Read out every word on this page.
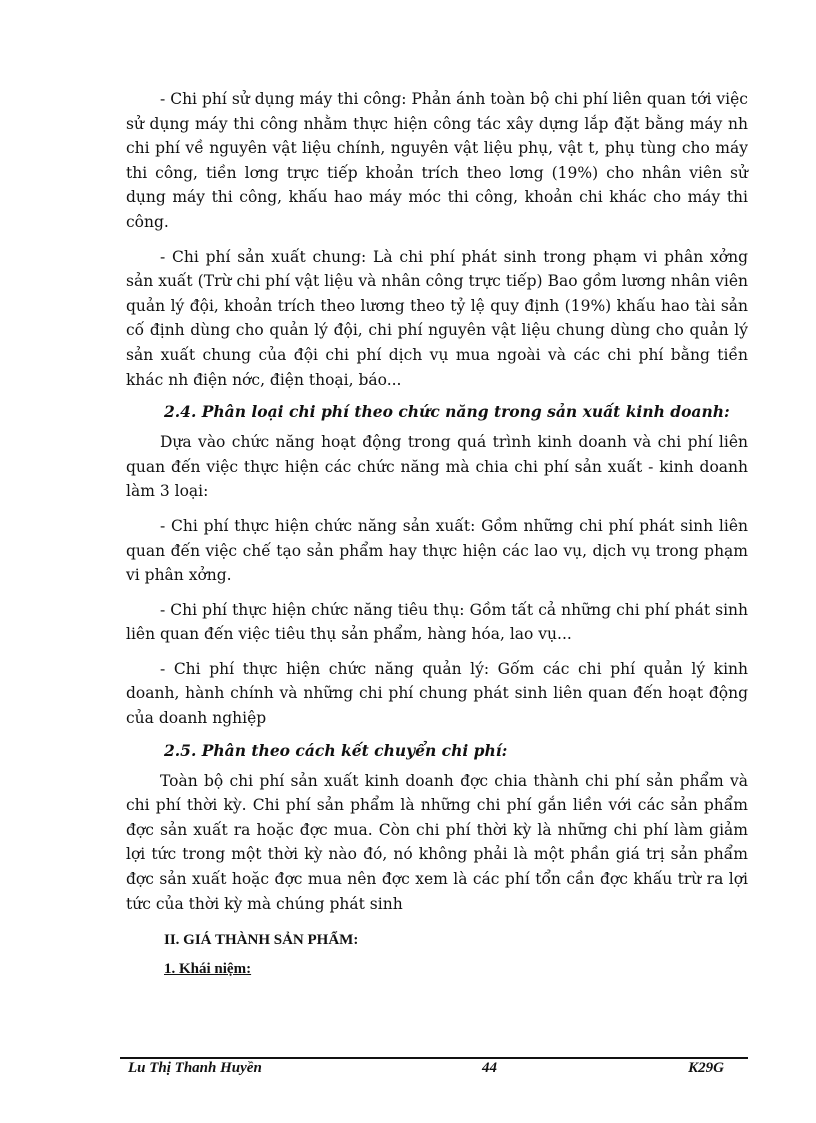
- Chi phí sử dụng máy thi công: Phản ánh toàn bộ chi phí liên quan tới việc sử dụng máy thi công nhằm thực hiện công tác xây dựng lắp đặt bằng máy nh chi phí về nguyên vật liệu chính, nguyên vật liệu phụ, vật t, phụ tùng cho máy thi công, tiền lơng trực tiếp khoản trích theo lơng (19%) cho nhân viên sử dụng máy thi công, khấu hao máy móc thi công, khoản chi khác cho máy thi công.

- Chi phí sản xuất chung: Là chi phí phát sinh trong phạm vi phân xởng sản xuất (Trừ chi phí vật liệu và nhân công trực tiếp) Bao gồm lương nhân viên quản lý đội, khoản trích theo lương theo tỷ lệ quy định (19%) khấu hao tài sản cố định dùng cho quản lý đội, chi phí nguyên vật liệu chung dùng cho quản lý sản xuất chung của đội chi phí dịch vụ mua ngoài và các chi phí bằng tiền khác nh điện nớc, điện thoại, báo...

2.4. Phân loại chi phí theo chức năng trong sản xuất kinh doanh:

Dựa vào chức năng hoạt động trong quá trình kinh doanh và chi phí liên quan đến việc thực hiện các chức năng mà chia chi phí sản xuất - kinh doanh làm 3 loại:

- Chi phí thực hiện chức năng sản xuất: Gồm những chi phí phát sinh liên quan đến việc chế tạo sản phẩm hay thực hiện các lao vụ, dịch vụ trong phạm vi phân xởng.

- Chi phí thực hiện chức năng tiêu thụ: Gồm tất cả những chi phí phát sinh liên quan đến việc tiêu thụ sản phẩm, hàng hóa, lao vụ...

- Chi phí thực hiện chức năng quản lý: Gốm các chi phí quản lý kinh doanh, hành chính và những chi phí chung phát sinh liên quan đến hoạt động của doanh nghiệp

2.5. Phân theo cách kết chuyển chi phí:

Toàn bộ chi phí sản xuất kinh doanh đợc chia thành chi phí sản phẩm và chi phí thời kỳ. Chi phí sản phẩm là những chi phí gắn liền với các sản phẩm đợc sản xuất ra hoặc đợc mua. Còn chi phí thời kỳ là những chi phí làm giảm lợi tức trong một thời kỳ nào đó, nó không phải là một phần giá trị sản phẩm đợc sản xuất hoặc đợc mua nên đợc xem là các phí tổn cần đợc khấu trừ ra lợi tức của thời kỳ mà chúng phát sinh

II. GIÁ THÀNH SẢN PHẨM:
1. Khái niệm:
Lu Thị Thanh Huyền	44	K29G
